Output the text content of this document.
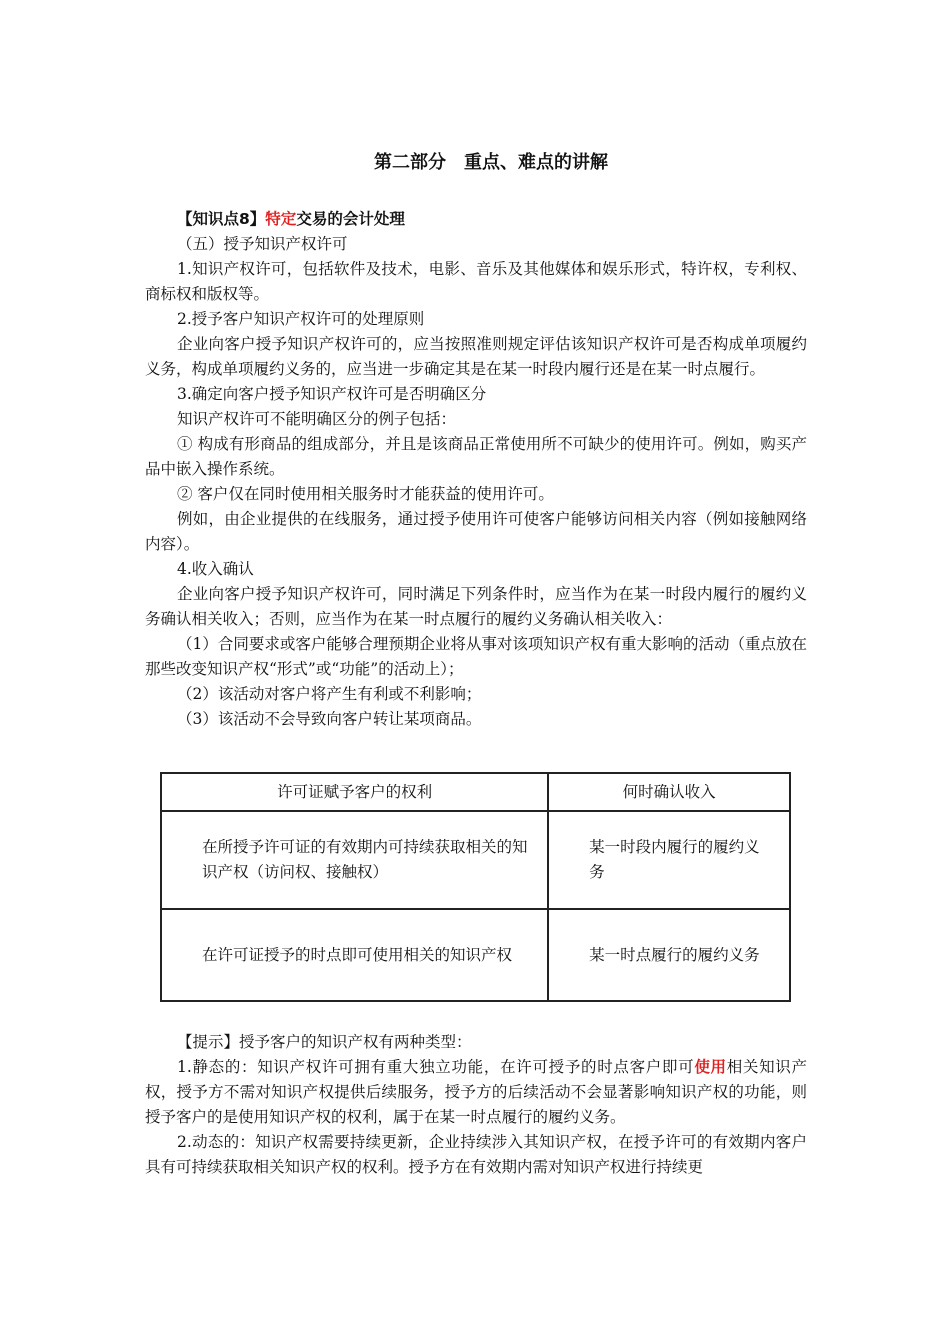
第二部分　重点、难点的讲解

【知识点8】特定交易的会计处理

（五）授予知识产权许可

1.知识产权许可，包括软件及技术，电影、音乐及其他媒体和娱乐形式，特许权，专利权、商标权和版权等。

2.授予客户知识产权许可的处理原则

企业向客户授予知识产权许可的，应当按照准则规定评估该知识产权许可是否构成单项履约义务，构成单项履约义务的，应当进一步确定其是在某一时段内履行还是在某一时点履行。

3.确定向客户授予知识产权许可是否明确区分

知识产权许可不能明确区分的例子包括：

① 构成有形商品的组成部分，并且是该商品正常使用所不可缺少的使用许可。例如，购买产品中嵌入操作系统。

② 客户仅在同时使用相关服务时才能获益的使用许可。

例如，由企业提供的在线服务，通过授予使用许可使客户能够访问相关内容（例如接触网络内容）。

4.收入确认

企业向客户授予知识产权许可，同时满足下列条件时，应当作为在某一时段内履行的履约义务确认相关收入；否则，应当作为在某一时点履行的履约义务确认相关收入：

（1）合同要求或客户能够合理预期企业将从事对该项知识产权有重大影响的活动（重点放在那些改变知识产权“形式”或“功能”的活动上）；

（2）该活动对客户将产生有利或不利影响；

（3）该活动不会导致向客户转让某项商品。

许可证赋予客户的权利	何时确认收入
在所授予许可证的有效期内可持续获取相关的知识产权（访问权、接触权）	某一时段内履行的履约义务
在许可证授予的时点即可使用相关的知识产权	某一时点履行的履约义务

【提示】授予客户的知识产权有两种类型：

1.静态的：知识产权许可拥有重大独立功能，在许可授予的时点客户即可使用相关知识产权，授予方不需对知识产权提供后续服务，授予方的后续活动不会显著影响知识产权的功能，则授予客户的是使用知识产权的权利，属于在某一时点履行的履约义务。

2.动态的：知识产权需要持续更新，企业持续涉入其知识产权，在授予许可的有效期内客户具有可持续获取相关知识产权的权利。授予方在有效期内需对知识产权进行持续更
